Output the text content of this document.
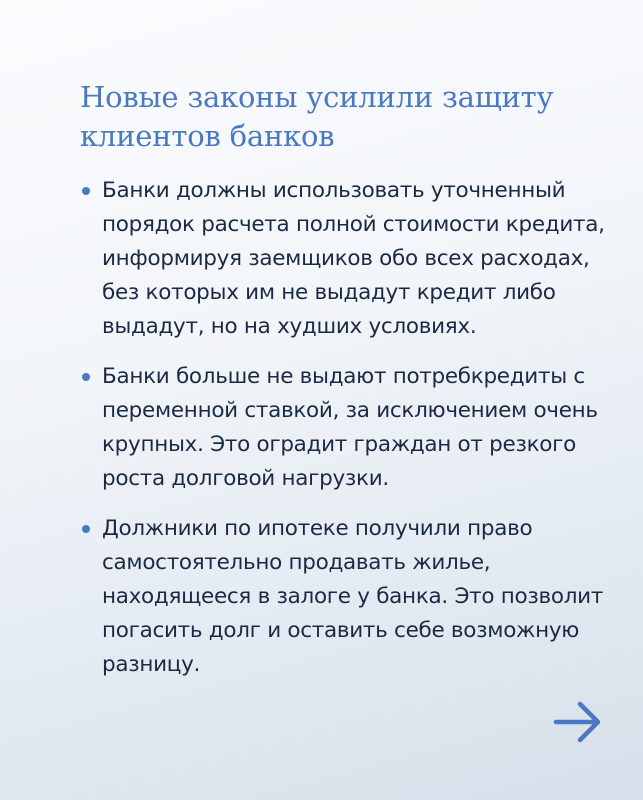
Новые законы усилили защиту клиентов банков
Банки должны использовать уточненный порядок расчета полной стоимости кредита, информируя заемщиков обо всех расходах, без которых им не выдадут кредит либо выдадут, но на худших условиях.
Банки больше не выдают потребкредиты с переменной ставкой, за исключением очень крупных. Это оградит граждан от резкого роста долговой нагрузки.
Должники по ипотеке получили право самостоятельно продавать жилье, находящееся в залоге у банка. Это позволит погасить долг и оставить себе возможную разницу.
